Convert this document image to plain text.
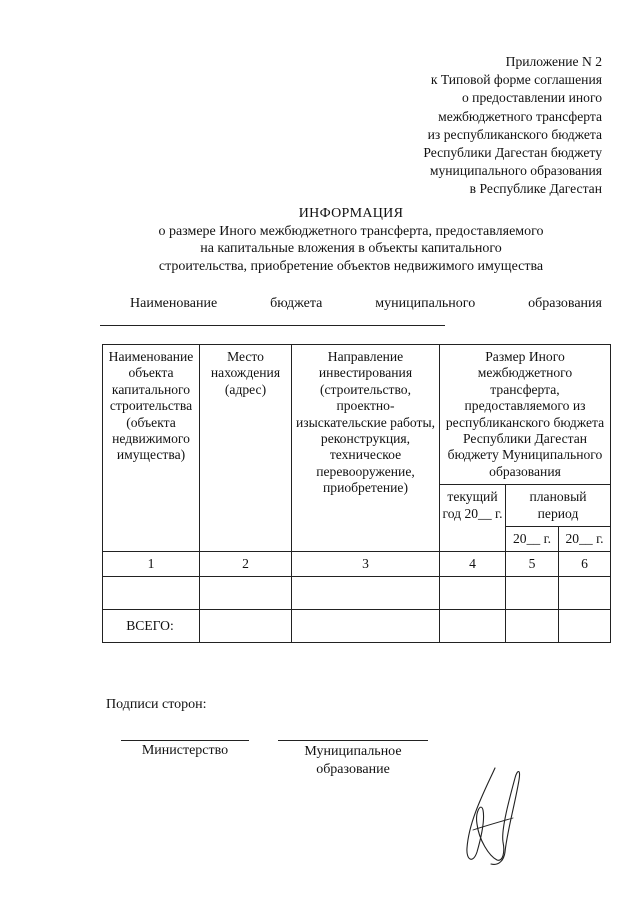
Приложение N 2
к Типовой форме соглашения
о предоставлении иного
межбюджетного трансферта
из республиканского бюджета
Республики Дагестан бюджету
муниципального образования
в Республике Дагестан
ИНФОРМАЦИЯ
о размере Иного межбюджетного трансферта, предоставляемого
на капитальные вложения в объекты капитального
строительства, приобретение объектов недвижимого имущества
Наименование	бюджета	муниципального	образования
Наименование объекта капитального строительства (объекта недвижимого имущества)	Место нахождения (адрес)	Направление инвестирования (строительство, проектно-изыскательские работы, реконструкция, техническое перевооружение, приобретение)	Размер Иного межбюджетного трансферта, предоставляемого из республиканского бюджета Республики Дагестан бюджету Муниципального образования		
			текущий год 20__ г.	плановый период	
				20__ г.	20__ г.
1	2	3	4	5	6

ВСЕГО:					
Подписи сторон:
Министерство	Муниципальное образование
